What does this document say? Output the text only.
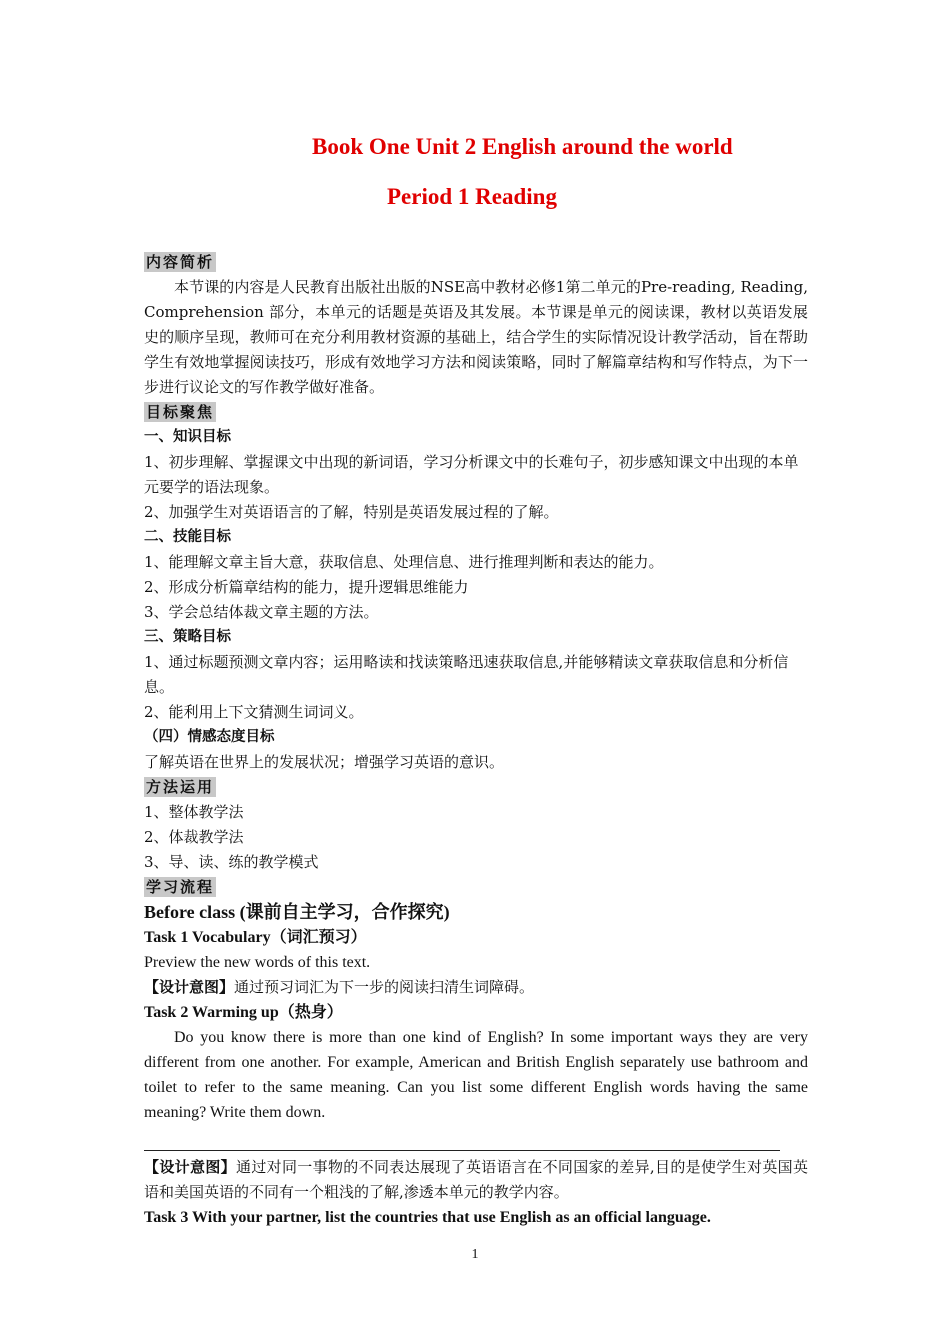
Book One Unit 2 English around the world
Period 1 Reading
内容简析

本节课的内容是人民教育出版社出版的NSE高中教材必修1第二单元的Pre-reading, Reading, Comprehension 部分，本单元的话题是英语及其发展。本节课是单元的阅读课，教材以英语发展史的顺序呈现，教师可在充分利用教材资源的基础上，结合学生的实际情况设计教学活动，旨在帮助学生有效地掌握阅读技巧，形成有效地学习方法和阅读策略，同时了解篇章结构和写作特点，为下一步进行议论文的写作教学做好准备。

目标聚焦
一、知识目标

1、初步理解、掌握课文中出现的新词语，学习分析课文中的长难句子，初步感知课文中出现的本单元要学的语法现象。

2、加强学生对英语语言的了解，特别是英语发展过程的了解。

二、技能目标

1、能理解文章主旨大意，获取信息、处理信息、进行推理判断和表达的能力。

2、形成分析篇章结构的能力，提升逻辑思维能力

3、学会总结体裁文章主题的方法。

三、策略目标

1、通过标题预测文章内容；运用略读和找读策略迅速获取信息,并能够精读文章获取信息和分析信息。

2、能利用上下文猜测生词词义。

（四）情感态度目标

了解英语在世界上的发展状况；增强学习英语的意识。

方法运用

1、整体教学法

2、体裁教学法

3、导、读、练的教学模式

学习流程
Before class (课前自主学习，合作探究)
Task 1 Vocabulary（词汇预习）

Preview the new words of this text.

【设计意图】通过预习词汇为下一步的阅读扫清生词障碍。

Task 2 Warming up（热身）

Do you know there is more than one kind of English? In some important ways they are very different from one another. For example, American and British English separately use bathroom and toilet to refer to the same meaning. Can you list some different English words having the same meaning? Write them down.

【设计意图】通过对同一事物的不同表达展现了英语语言在不同国家的差异,目的是使学生对英国英语和美国英语的不同有一个粗浅的了解,渗透本单元的教学内容。

Task 3 With your partner, list the countries that use English as an official language.
1
